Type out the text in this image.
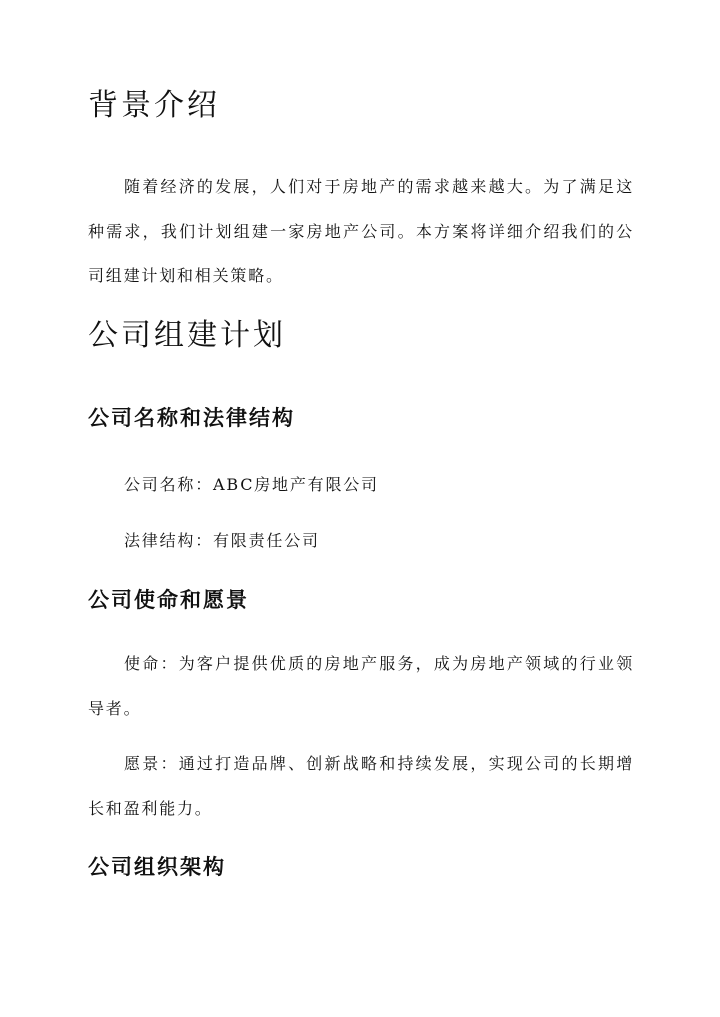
背景介绍

随着经济的发展，人们对于房地产的需求越来越大。为了满足这种需求，我们计划组建一家房地产公司。本方案将详细介绍我们的公司组建计划和相关策略。

公司组建计划
公司名称和法律结构

公司名称：ABC房地产有限公司

法律结构：有限责任公司

公司使命和愿景

使命：为客户提供优质的房地产服务，成为房地产领域的行业领导者。

愿景：通过打造品牌、创新战略和持续发展，实现公司的长期增长和盈利能力。

公司组织架构
